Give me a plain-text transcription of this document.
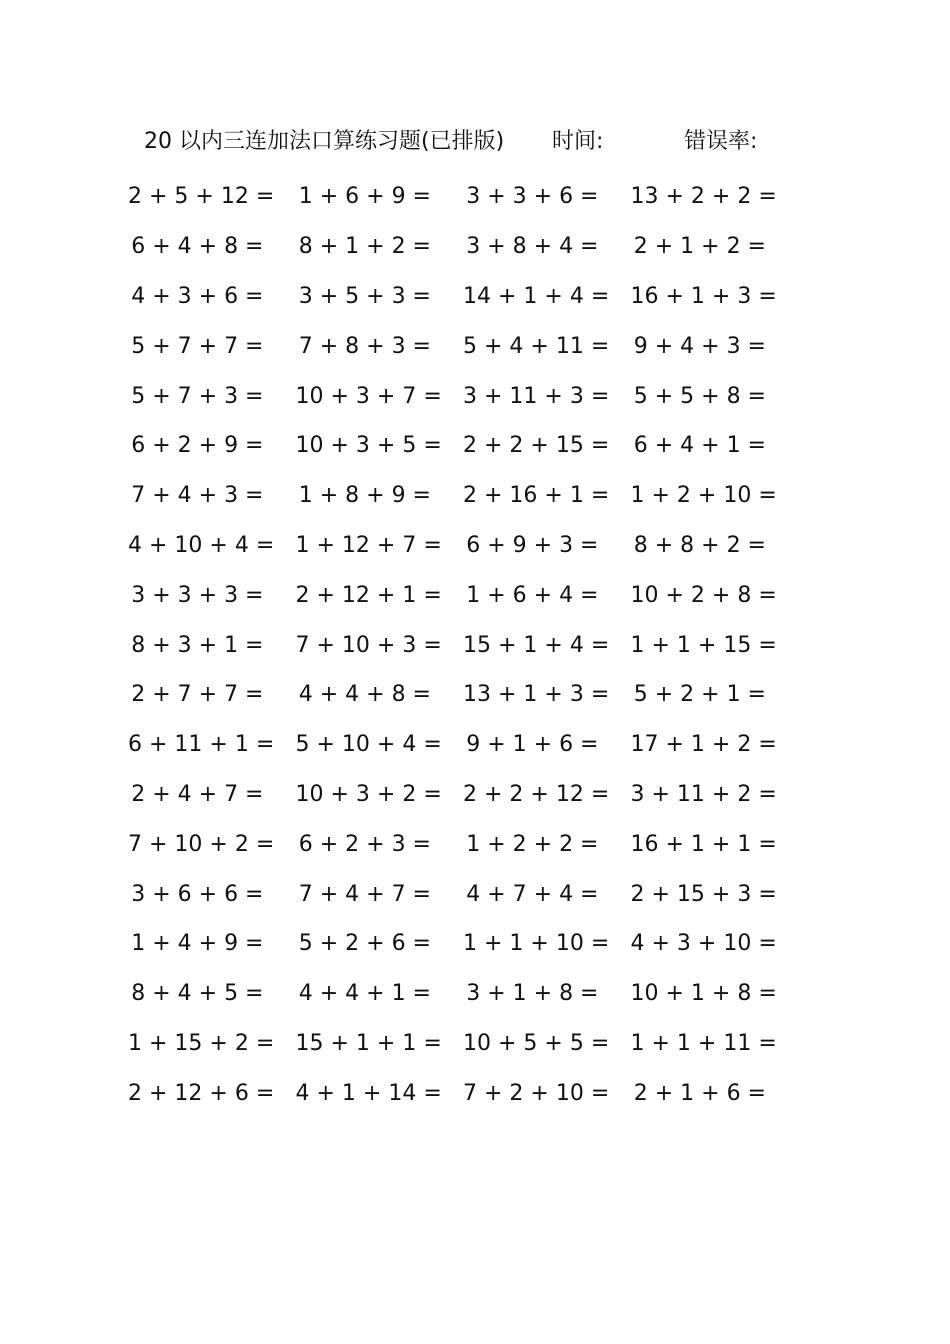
20 以内三连加法口算练习题(已排版) 时间:	错误率:
2 + 5 + 12 =	1 + 6 + 9 =	3 + 3 + 6 =	13 + 2 + 2 =
6 + 4 + 8 =	8 + 1 + 2 =	3 + 8 + 4 =	2 + 1 + 2 =
4 + 3 + 6 =	3 + 5 + 3 =	14 + 1 + 4 = 16 + 1 + 3 =
5 + 7 + 7 =	7 + 8 + 3 =	5 + 4 + 11 =	9 + 4 + 3 =
5 + 7 + 3 =	10 + 3 + 7 = 3 + 11 + 3 =	5 + 5 + 8 =
6 + 2 + 9 =	10 + 3 + 5 = 2 + 2 + 15 =	6 + 4 + 1 =
7 + 4 + 3 =	1 + 8 + 9 =	2 + 16 + 1 = 1 + 2 + 10 =
4 + 10 + 4 = 1 + 12 + 7 =	6 + 9 + 3 =	8 + 8 + 2 =
3 + 3 + 3 =	2 + 12 + 1 =	1 + 6 + 4 =	10 + 2 + 8 =
8 + 3 + 1 =	7 + 10 + 3 = 15 + 1 + 4 = 1 + 1 + 15 =
2 + 7 + 7 =	4 + 4 + 8 =	13 + 1 + 3 =	5 + 2 + 1 =
6 + 11 + 1 = 5 + 10 + 4 =	9 + 1 + 6 =	17 + 1 + 2 =
2 + 4 + 7 =	10 + 3 + 2 = 2 + 2 + 12 = 3 + 11 + 2 =
7 + 10 + 2 =	6 + 2 + 3 =	1 + 2 + 2 =	16 + 1 + 1 =
3 + 6 + 6 =	7 + 4 + 7 =	4 + 7 + 4 =	2 + 15 + 3 =
1 + 4 + 9 =	5 + 2 + 6 =	1 + 1 + 10 = 4 + 3 + 10 =
8 + 4 + 5 =	4 + 4 + 1 =	3 + 1 + 8 =	10 + 1 + 8 =
1 + 15 + 2 = 15 + 1 + 1 = 10 + 5 + 5 = 1 + 1 + 11 =
2 + 12 + 6 = 4 + 1 + 14 = 7 + 2 + 10 =	2 + 1 + 6 =
